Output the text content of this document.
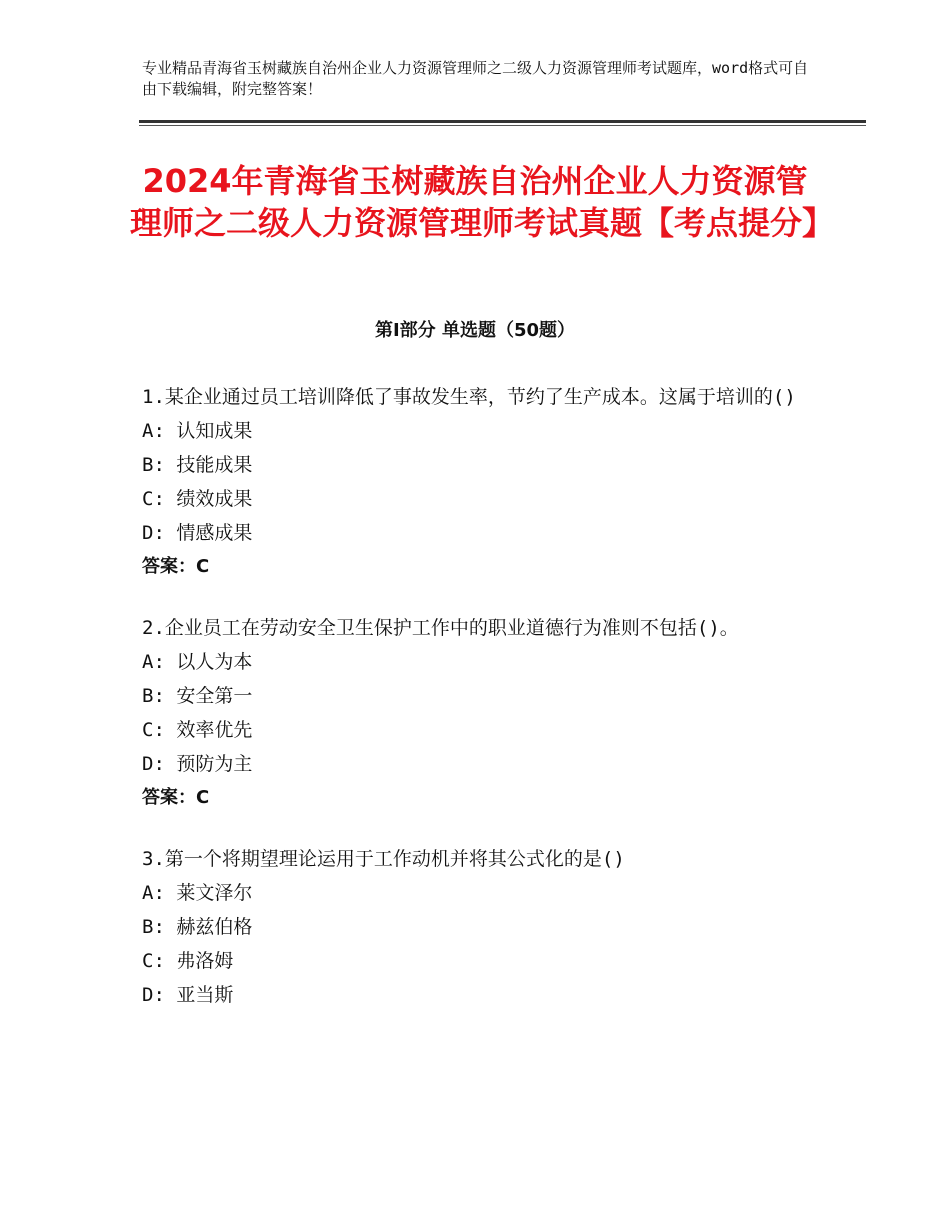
专业精品青海省玉树藏族自治州企业人力资源管理师之二级人力资源管理师考试题库，word格式可自由下载编辑，附完整答案！
2024年青海省玉树藏族自治州企业人力资源管理师之二级人力资源管理师考试真题【考点提分】
第Ⅰ部分 单选题（50题）

1.某企业通过员工培训降低了事故发生率，节约了生产成本。这属于培训的()

A: 认知成果

B: 技能成果

C: 绩效成果

D: 情感成果

答案：C

2.企业员工在劳动安全卫生保护工作中的职业道德行为准则不包括()。

A: 以人为本

B: 安全第一

C: 效率优先

D: 预防为主

答案：C

3.第一个将期望理论运用于工作动机并将其公式化的是()

A: 莱文泽尔

B: 赫兹伯格

C: 弗洛姆

D: 亚当斯
